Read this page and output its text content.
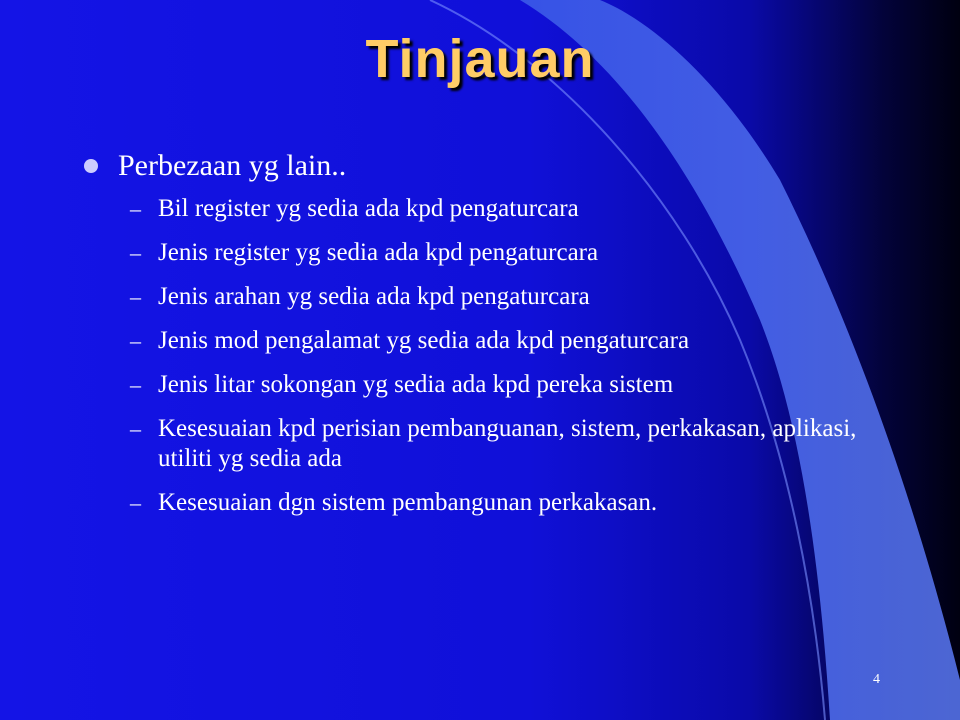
Tinjauan
Perbezaan yg lain..
– Bil register yg sedia ada kpd pengaturcara
– Jenis register yg sedia ada kpd pengaturcara
– Jenis arahan yg sedia ada kpd pengaturcara
– Jenis mod pengalamat yg sedia ada kpd pengaturcara
– Jenis litar sokongan yg sedia ada kpd pereka sistem
– Kesesuaian kpd perisian pembanguanan, sistem, perkakasan, aplikasi, utiliti yg sedia ada
– Kesesuaian dgn sistem pembangunan perkakasan.
4
